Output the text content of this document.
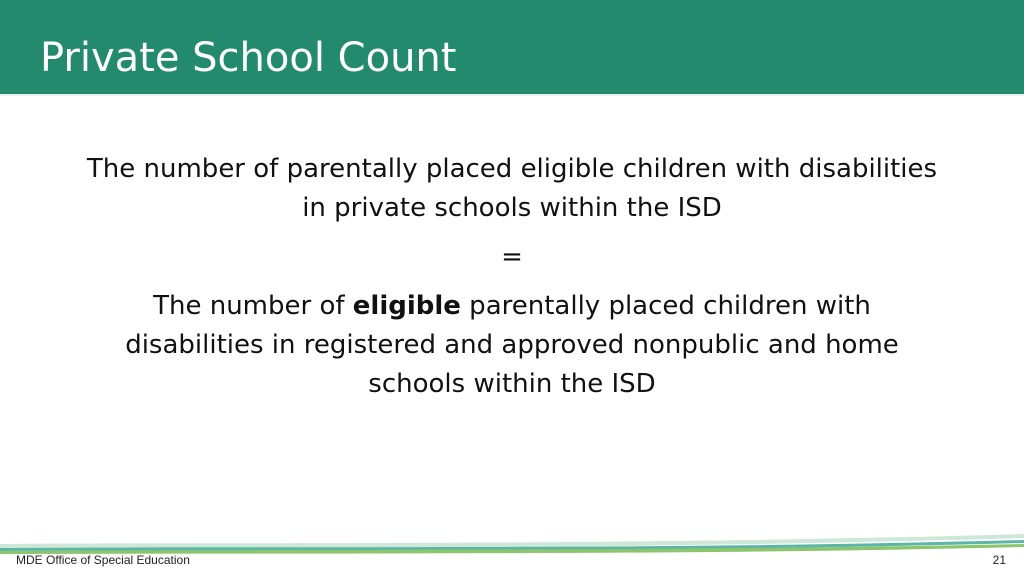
Private School Count

The number of parentally placed eligible children with disabilities in private schools within the ISD

=

The number of eligible parentally placed children with disabilities in registered and approved nonpublic and home schools within the ISD

MDE Office of Special Education	21
